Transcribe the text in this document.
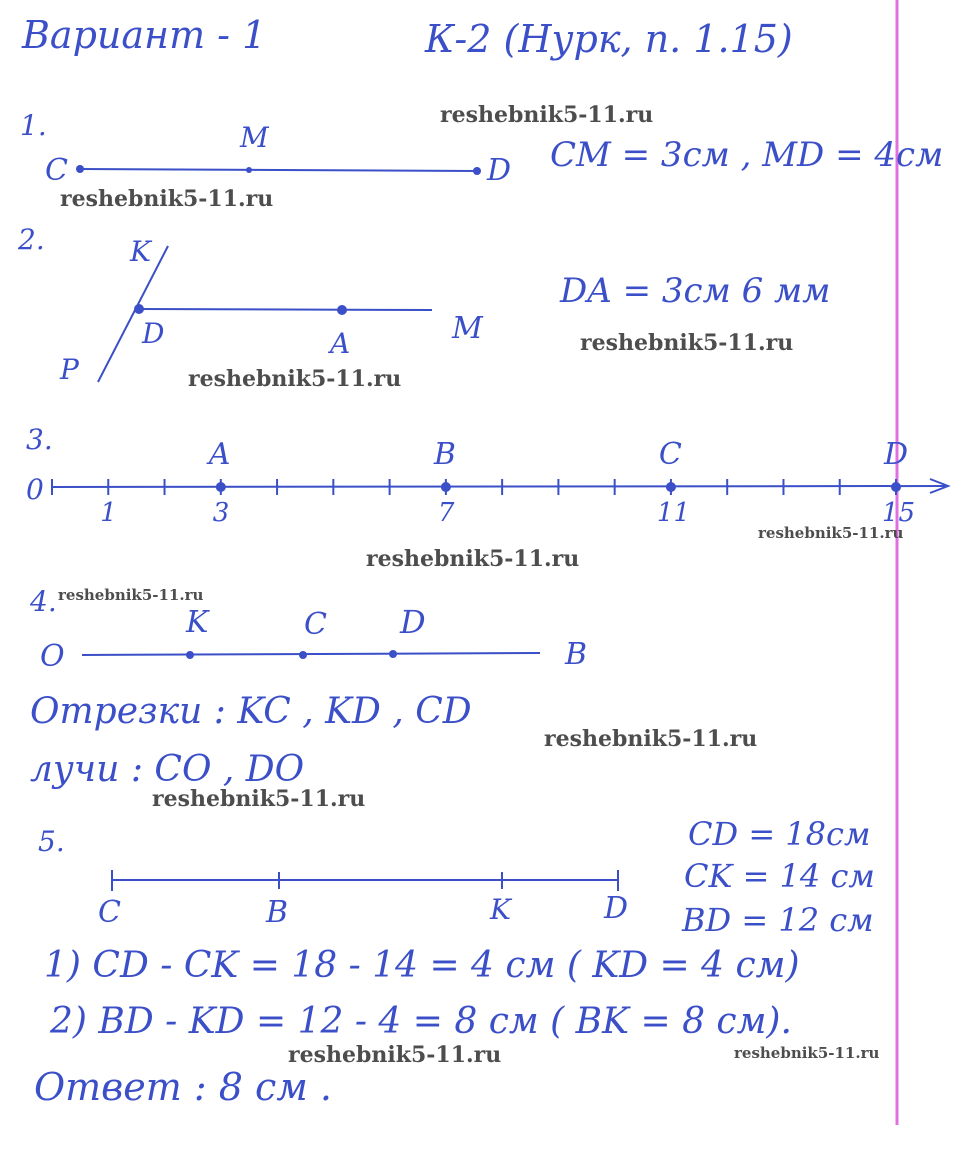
Вариант - 1	К-2 (Нурк, п. 1.15)
1.	M
C	D CM = 3см , MD = 4см
2.	K
D	A	M
P
DA = 3см 6 мм
3.
0
A	B	C	D
1	3	7	11	15
4.
K	C D
O	B
Отрезки : KC , KD , CD
лучи : CO , DO
5.	CD = 18см
CK = 14 см
BD = 12 см
C	B	K	D
1) CD - CK = 18 - 14 = 4 см ( KD = 4 см)
2) BD - KD = 12 - 4 = 8 см ( BK = 8 см).
Ответ : 8 см .
reshebnik5-11.ru
reshebnik5-11.ru
reshebnik5-11.ru
reshebnik5-11.ru
reshebnik5-11.ru
reshebnik5-11.ru
reshebnik5-11.ru
reshebnik5-11.ru
reshebnik5-11.ru
reshebnik5-11.ru	reshebnik5-11.ru
